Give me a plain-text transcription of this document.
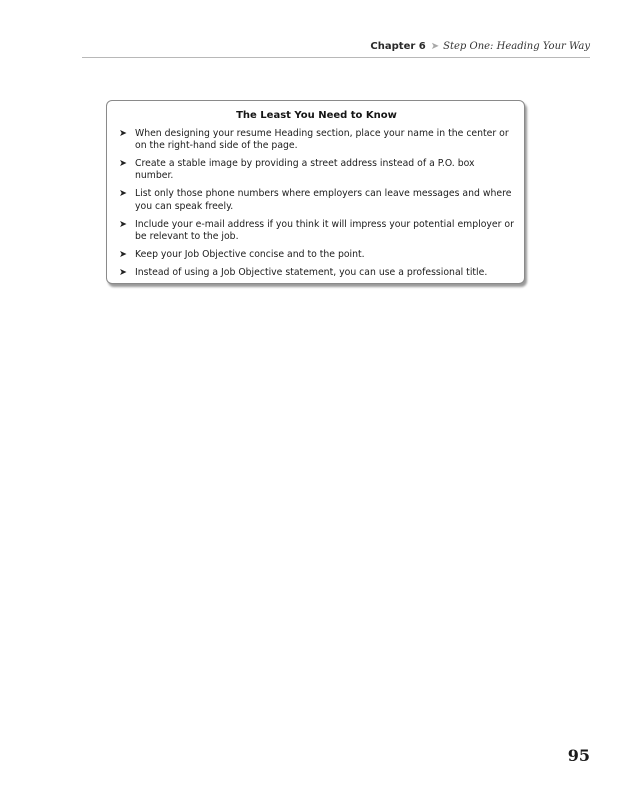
Chapter 6 ➤ Step One: Heading Your Way
The Least You Need to Know
➤ When designing your resume Heading section, place your name in the center or on the right-hand side of the page.
➤ Create a stable image by providing a street address instead of a P.O. box number.
➤ List only those phone numbers where employers can leave messages and where you can speak freely.
➤ Include your e-mail address if you think it will impress your potential employer or be relevant to the job.
➤ Keep your Job Objective concise and to the point.
➤ Instead of using a Job Objective statement, you can use a professional title.
95
